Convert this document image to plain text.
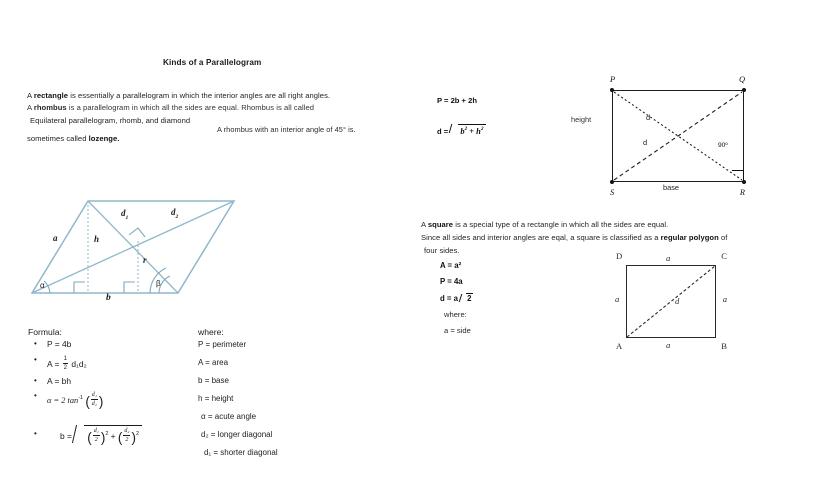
Kinds of a Parallelogram
A rectangle is essentially a parallelogram in which the interior angles are all right angles.
A rhombus is a parallelogram in which all the sides are equal. Rhombus is all called
Equilateral parallelogram, rhomb, and diamond
.   .    .     −    .
sometimes called lozenge.
A rhombus with an interior angle of 45° is.
P = 2b + 2h
$d = b^2 + h^2$
height
P	Q
S	R
d
d
base
90º
a	h
r
$d_1$
$d_2$
α	β
b
Formula:
• P = 4b
• $A = \frac{1}{2} d_1d_2$
• A = bh
• α = 2 $\tan^{-1}$ ( $\frac{\text{d₁}}{\text{d₂}}$ )
•	b = ( $\frac{\text{d₁}}{2} )^2$ + ( $\frac{\text{d₂}}{2} )^2$
where:
P = perimeter
A = area
b = base
h = height
α = acute angle
d₂ = longer diagonal
d₁ = shorter diagonal
A square is a special type of a rectangle in which all the sides are equal.
Since all sides and interior angles are eqal, a square is classified as a regular polygon of
four sides.
A = a²
P = 4a
d = a 2
where:
a = side
D	C
A	B
a
a	a
a
d
